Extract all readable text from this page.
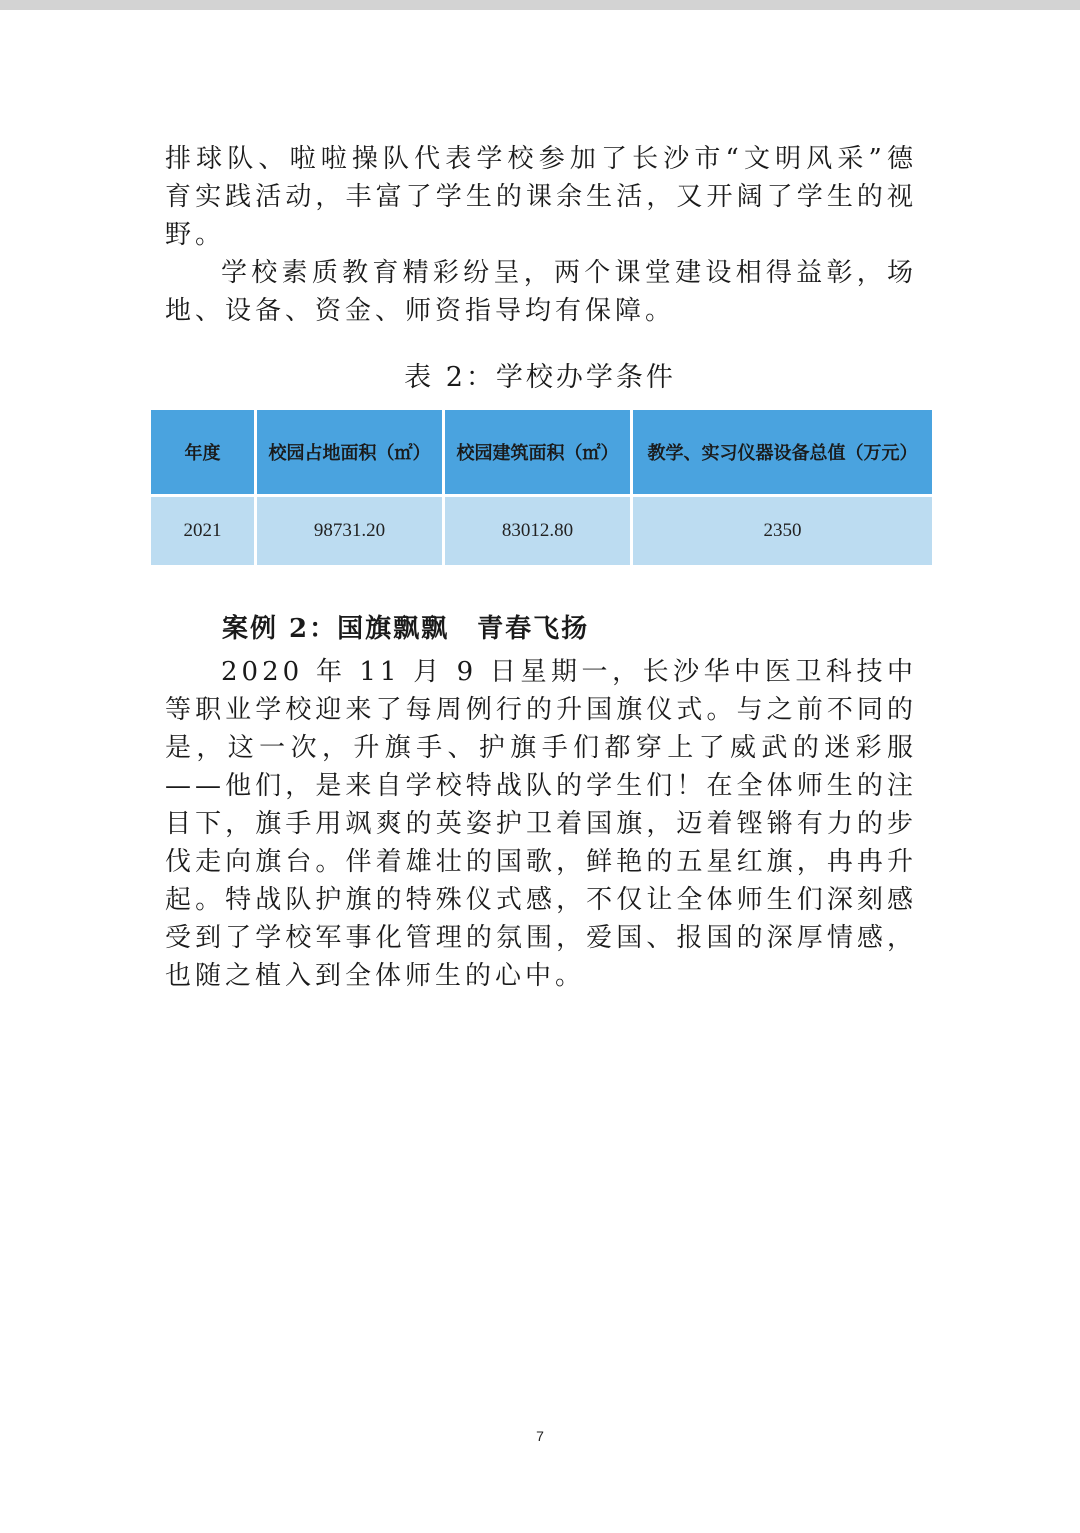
排球队、啦啦操队代表学校参加了长沙市“文明风采”德育实践活动，丰富了学生的课余生活，又开阔了学生的视野。

学校素质教育精彩纷呈，两个课堂建设相得益彰，场地、设备、资金、师资指导均有保障。

表 2：学校办学条件
年度	校园占地面积（㎡）	校园建筑面积（㎡）	教学、实习仪器设备总值（万元）
2021	98731.20	83012.80	2350
案例 2：国旗飘飘　青春飞扬

2020 年 11 月 9 日星期一，长沙华中医卫科技中等职业学校迎来了每周例行的升国旗仪式。与之前不同的是，这一次，升旗手、护旗手们都穿上了威武的迷彩服——他们，是来自学校特战队的学生们！在全体师生的注目下，旗手用飒爽的英姿护卫着国旗，迈着铿锵有力的步伐走向旗台。伴着雄壮的国歌，鲜艳的五星红旗，冉冉升起。特战队护旗的特殊仪式感，不仅让全体师生们深刻感受到了学校军事化管理的氛围，爱国、报国的深厚情感，也随之植入到全体师生的心中。

7
